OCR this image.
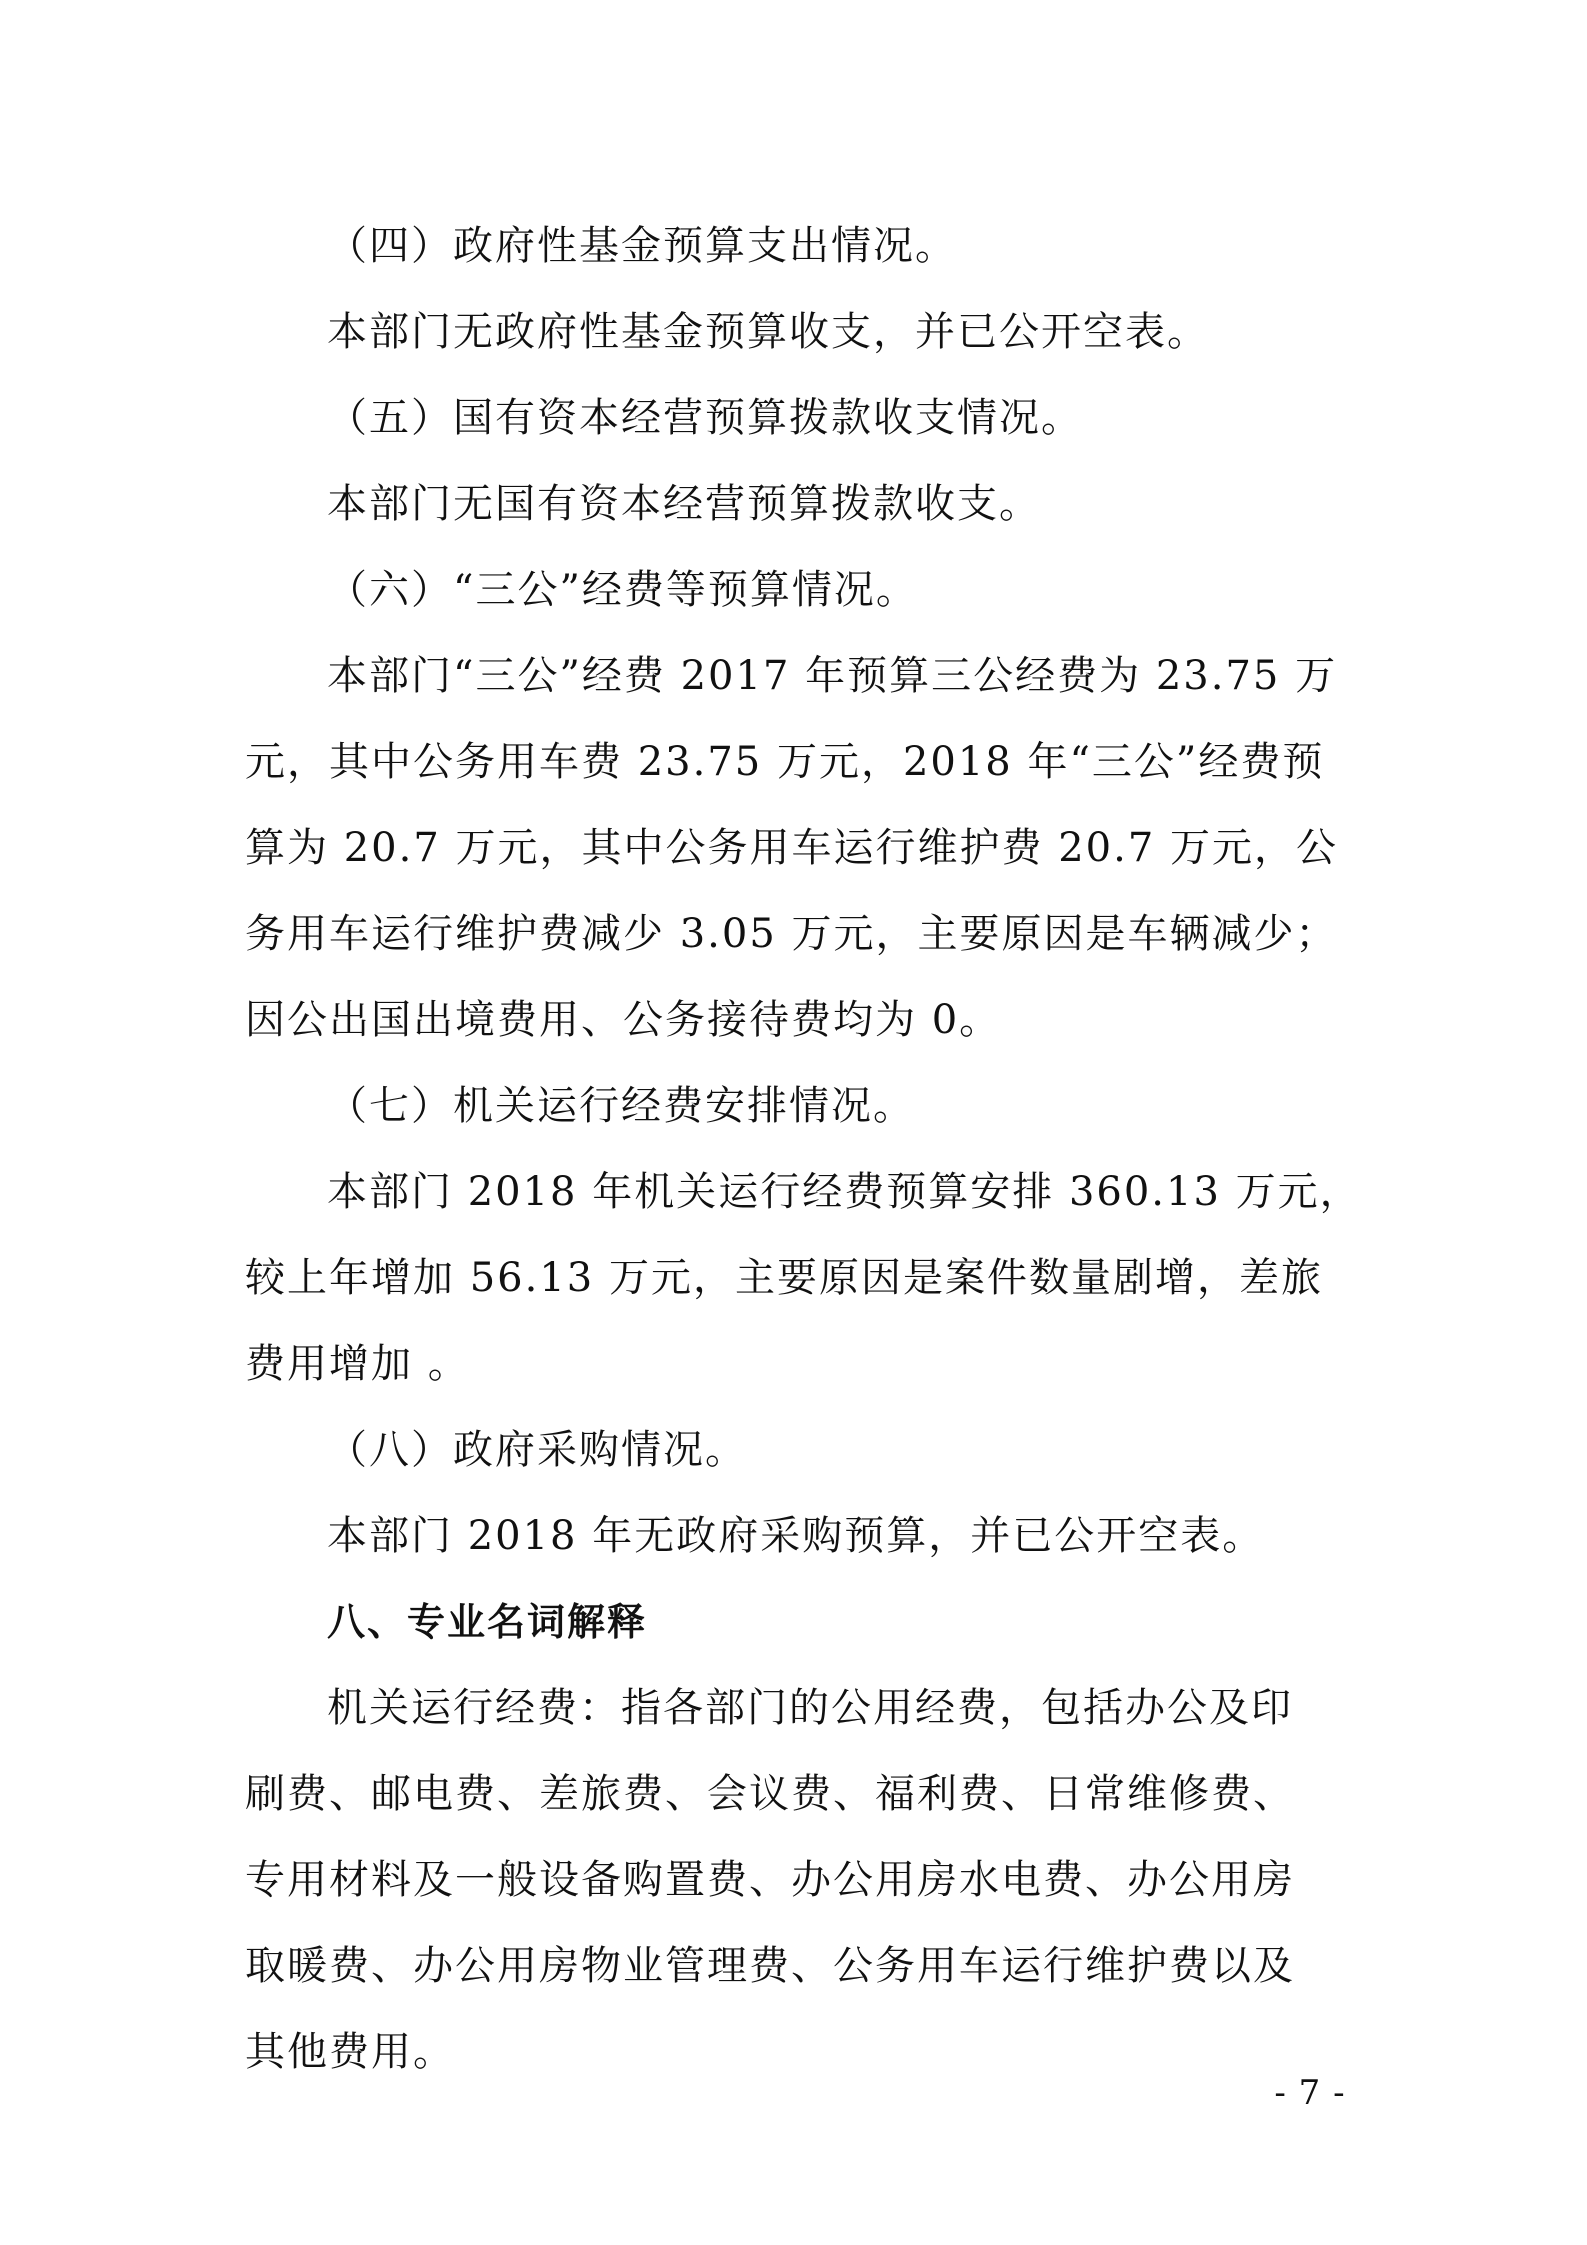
（四）政府性基金预算支出情况。
本部门无政府性基金预算收支，并已公开空表。
（五）国有资本经营预算拨款收支情况。
本部门无国有资本经营预算拨款收支。
（六）“三公”经费等预算情况。
本部门“三公”经费 2017 年预算三公经费为 23.75 万
元，其中公务用车费 23.75 万元，2018 年“三公”经费预
算为 20.7 万元，其中公务用车运行维护费 20.7 万元，公
务用车运行维护费减少 3.05 万元，主要原因是车辆减少；
因公出国出境费用、公务接待费均为 0。
（七）机关运行经费安排情况。
本部门 2018 年机关运行经费预算安排 360.13 万元，
较上年增加 56.13 万元，主要原因是案件数量剧增，差旅
费用增加 。
（八）政府采购情况。
本部门 2018 年无政府采购预算，并已公开空表。
八、专业名词解释
机关运行经费：指各部门的公用经费，包括办公及印
刷费、邮电费、差旅费、会议费、福利费、日常维修费、
专用材料及一般设备购置费、办公用房水电费、办公用房
取暖费、办公用房物业管理费、公务用车运行维护费以及
其他费用。
- 7 -
